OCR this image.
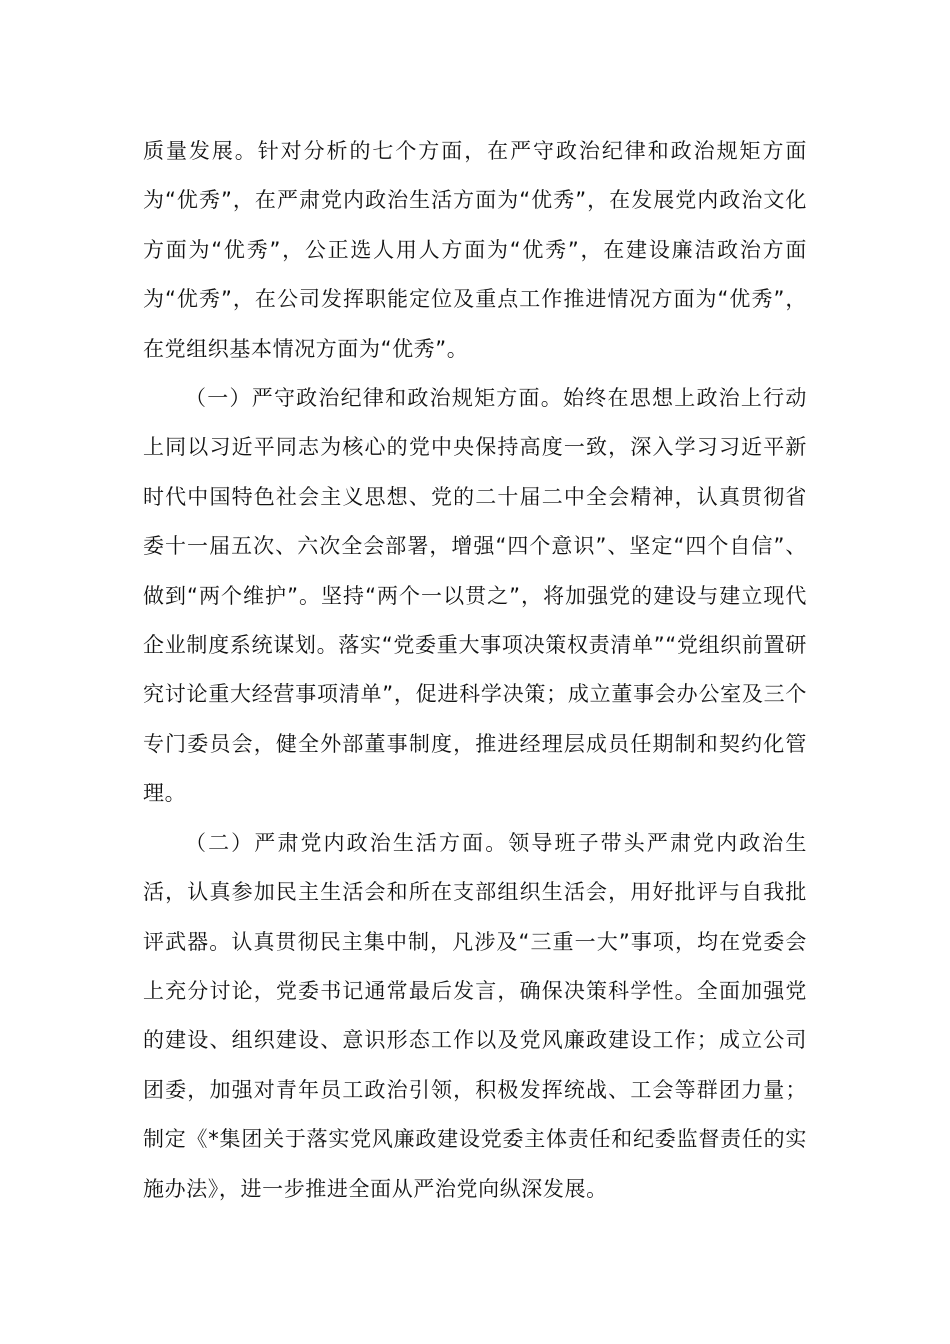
质量发展。针对分析的七个方面，在严守政治纪律和政治规矩方面为“优秀”，在严肃党内政治生活方面为“优秀”，在发展党内政治文化方面为“优秀”，公正选人用人方面为“优秀”，在建设廉洁政治方面为“优秀”，在公司发挥职能定位及重点工作推进情况方面为“优秀”，在党组织基本情况方面为“优秀”。

（一）严守政治纪律和政治规矩方面。始终在思想上政治上行动上同以习近平同志为核心的党中央保持高度一致，深入学习习近平新时代中国特色社会主义思想、党的二十届二中全会精神，认真贯彻省委十一届五次、六次全会部署，增强“四个意识”、坚定“四个自信”、做到“两个维护”。坚持“两个一以贯之”，将加强党的建设与建立现代企业制度系统谋划。落实“党委重大事项决策权责清单”“党组织前置研究讨论重大经营事项清单”，促进科学决策；成立董事会办公室及三个专门委员会，健全外部董事制度，推进经理层成员任期制和契约化管理。

（二）严肃党内政治生活方面。领导班子带头严肃党内政治生活，认真参加民主生活会和所在支部组织生活会，用好批评与自我批评武器。认真贯彻民主集中制，凡涉及“三重一大”事项，均在党委会上充分讨论，党委书记通常最后发言，确保决策科学性。全面加强党的建设、组织建设、意识形态工作以及党风廉政建设工作；成立公司团委，加强对青年员工政治引领，积极发挥统战、工会等群团力量；制定《*集团关于落实党风廉政建设党委主体责任和纪委监督责任的实施办法》，进一步推进全面从严治党向纵深发展。
